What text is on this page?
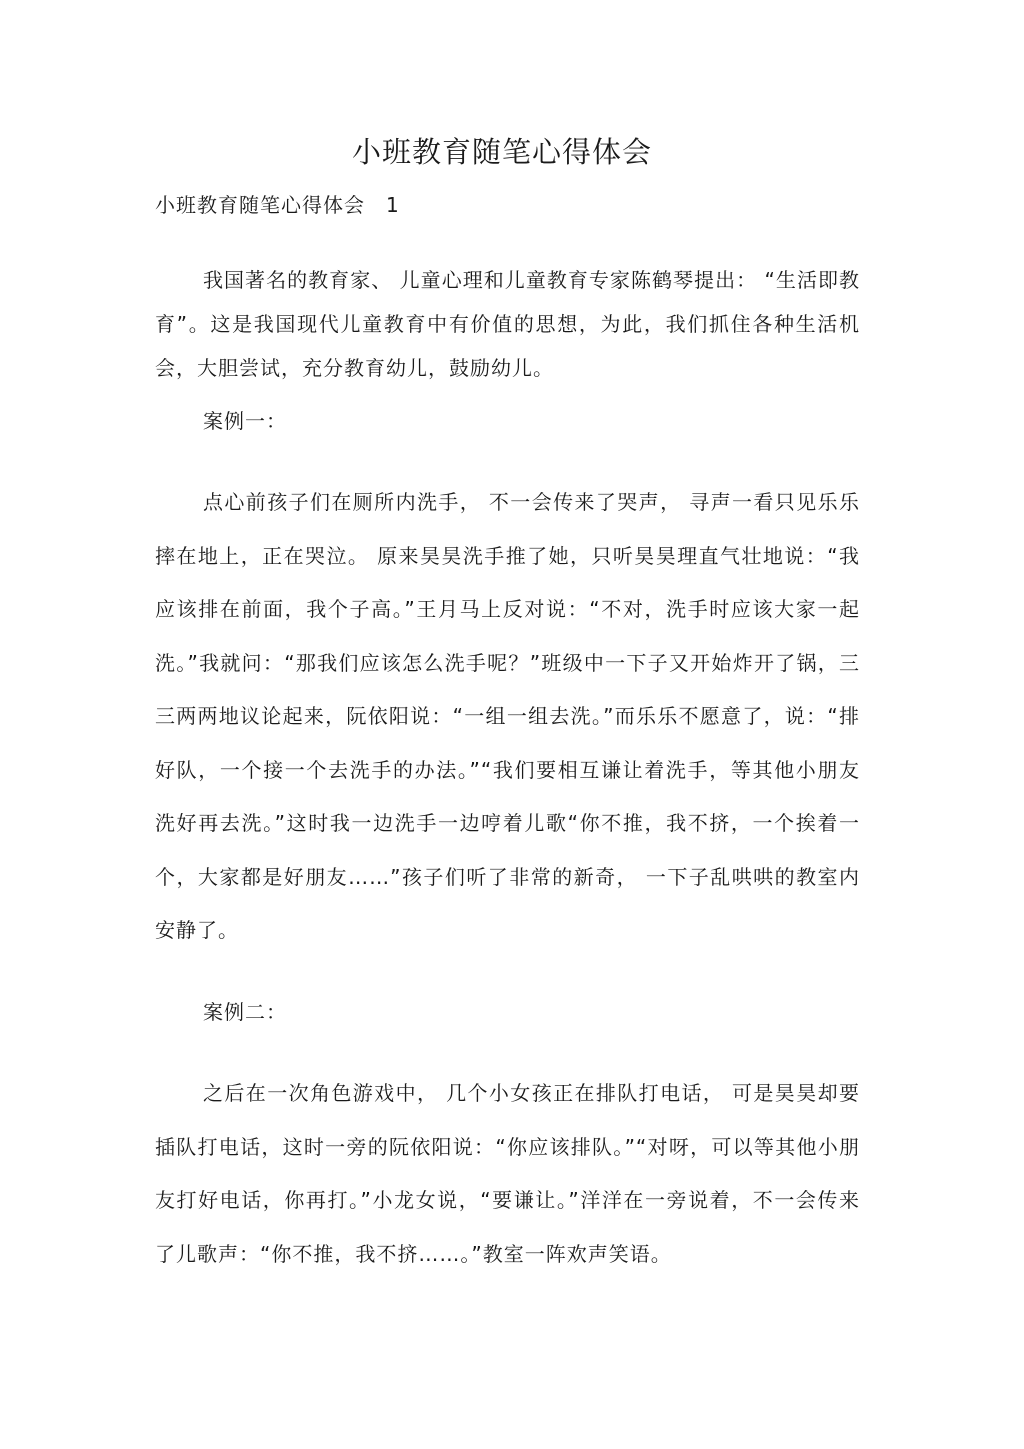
小班教育随笔心得体会
小班教育随笔心得体会　1

我国著名的教育家、 儿童心理和儿童教育专家陈鹤琴提出： “生活即教育”。这是我国现代儿童教育中有价值的思想，为此，我们抓住各种生活机会，大胆尝试，充分教育幼儿，鼓励幼儿。

案例一：

点心前孩子们在厕所内洗手， 不一会传来了哭声， 寻声一看只见乐乐摔在地上，正在哭泣。 原来昊昊洗手推了她，只听昊昊理直气壮地说：“我应该排在前面，我个子高。”王月马上反对说：“不对，洗手时应该大家一起洗。”我就问：“那我们应该怎么洗手呢？”班级中一下子又开始炸开了锅，三三两两地议论起来，阮依阳说：“一组一组去洗。”而乐乐不愿意了，说：“排好队，一个接一个去洗手的办法。”“我们要相互谦让着洗手，等其他小朋友洗好再去洗。”这时我一边洗手一边哼着儿歌“你不推，我不挤，一个挨着一个，大家都是好朋友……”孩子们听了非常的新奇， 一下子乱哄哄的教室内安静了。

案例二：

之后在一次角色游戏中， 几个小女孩正在排队打电话， 可是昊昊却要插队打电话，这时一旁的阮依阳说：“你应该排队。”“对呀，可以等其他小朋友打好电话，你再打。”小龙女说，“要谦让。”洋洋在一旁说着，不一会传来了儿歌声：“你不推，我不挤……。”教室一阵欢声笑语。
